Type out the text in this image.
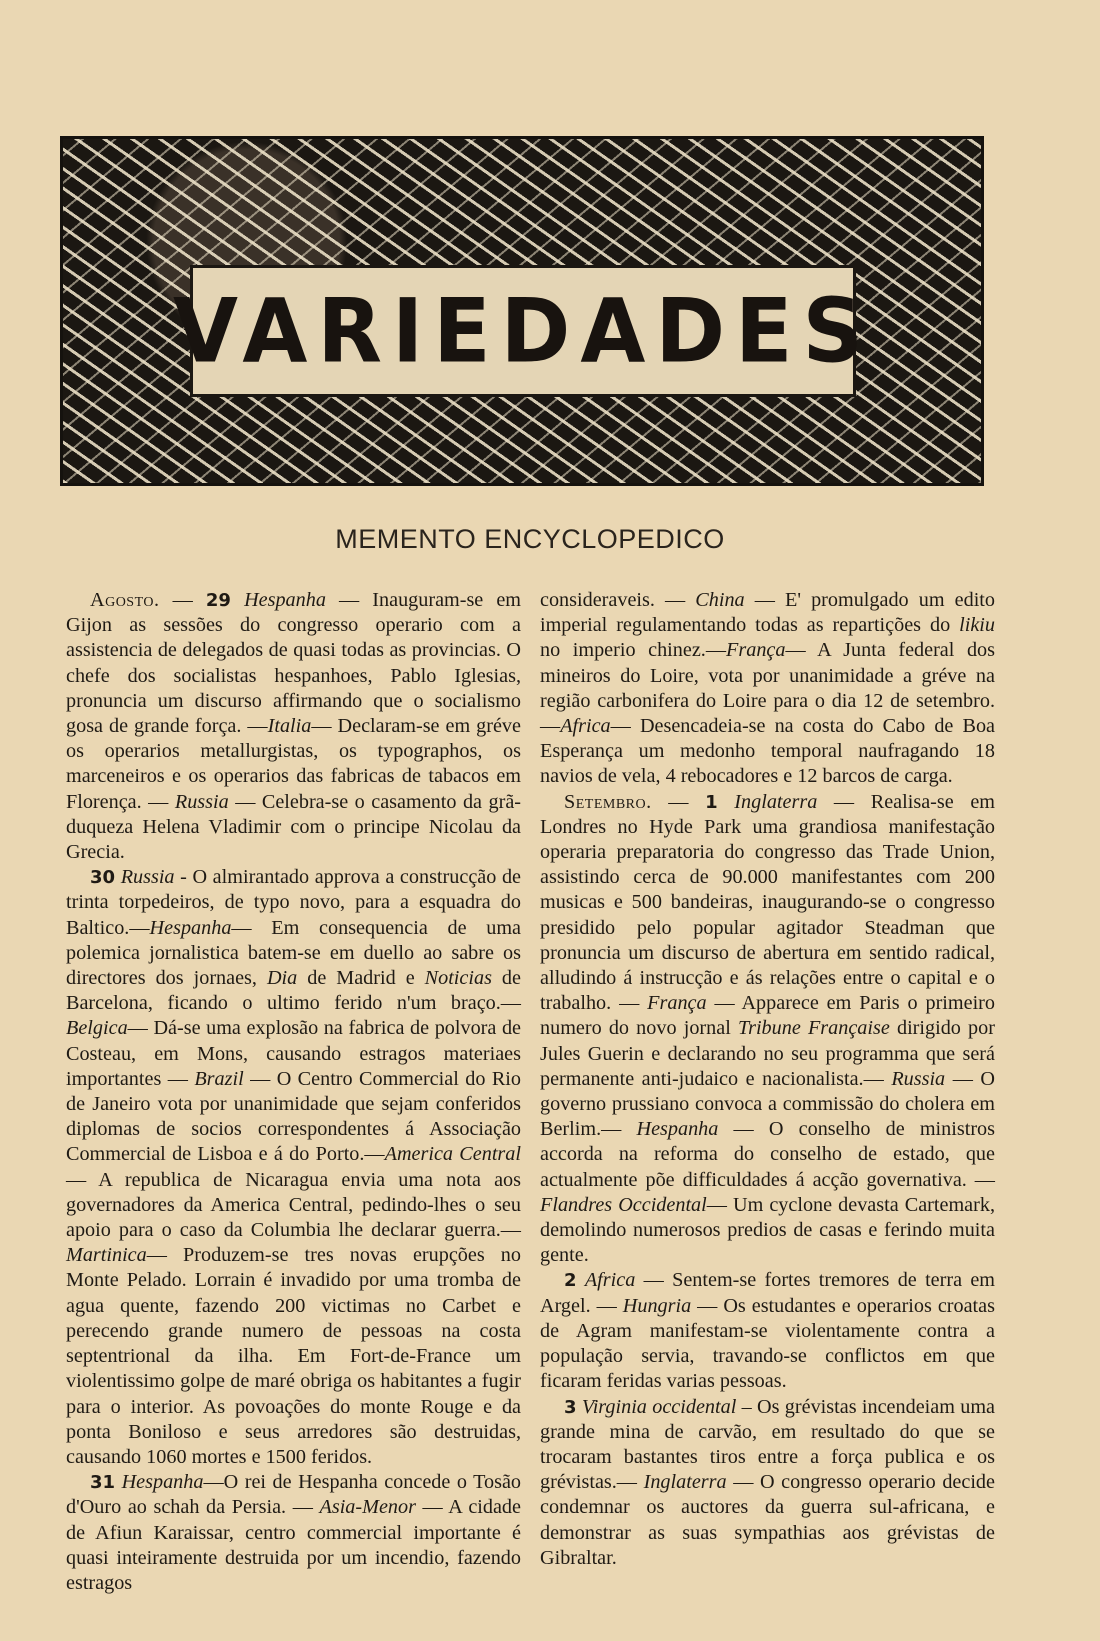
VARIEDADES
MEMENTO ENCYCLOPEDICO

Agosto. — 29 Hespanha — Inauguram-se em Gijon as sessões do congresso operario com a assistencia de delegados de quasi todas as provincias. O chefe dos socialistas hespanhoes, Pablo Iglesias, pronuncia um discurso affirmando que o socialismo gosa de grande força. —Italia— Declaram-se em gréve os operarios metallurgistas, os typographos, os marceneiros e os operarios das fabricas de tabacos em Florença. — Russia — Celebra-se o casamento da grã-duqueza Helena Vladimir com o principe Nicolau da Grecia.

30 Russia - O almirantado approva a construcção de trinta torpedeiros, de typo novo, para a esquadra do Baltico.—Hespanha— Em consequencia de uma polemica jornalistica batem-se em duello ao sabre os directores dos jornaes, Dia de Madrid e Noticias de Barcelona, ficando o ultimo ferido n'um braço.— Belgica— Dá-se uma explosão na fabrica de polvora de Costeau, em Mons, causando estragos materiaes importantes — Brazil — O Centro Commercial do Rio de Janeiro vota por unanimidade que sejam conferidos diplomas de socios correspondentes á Associação Commercial de Lisboa e á do Porto.—America Central— A republica de Nicaragua envia uma nota aos governadores da America Central, pedindo-lhes o seu apoio para o caso da Columbia lhe declarar guerra.—Martinica— Produzem-se tres novas erupções no Monte Pelado. Lorrain é invadido por uma tromba de agua quente, fazendo 200 victimas no Carbet e perecendo grande numero de pessoas na costa septentrional da ilha. Em Fort-de-France um violentissimo golpe de maré obriga os habitantes a fugir para o interior. As povoações do monte Rouge e da ponta Boniloso e seus arredores são destruidas, causando 1060 mortes e 1500 feridos.

31 Hespanha—O rei de Hespanha concede o Tosão d'Ouro ao schah da Persia. — Asia-Menor — A cidade de Afiun Karaissar, centro commercial importante é quasi inteiramente destruida por um incendio, fazendo estragos

consideraveis. — China — E' promulgado um edito imperial regulamentando todas as repartições do likiu no imperio chinez.—França— A Junta federal dos mineiros do Loire, vota por unanimidade a gréve na região carbonifera do Loire para o dia 12 de setembro.—Africa— Desencadeia-se na costa do Cabo de Boa Esperança um medonho temporal naufragando 18 navios de vela, 4 rebocadores e 12 barcos de carga.

Setembro. — 1 Inglaterra — Realisa-se em Londres no Hyde Park uma grandiosa manifestação operaria preparatoria do congresso das Trade Union, assistindo cerca de 90.000 manifestantes com 200 musicas e 500 bandeiras, inaugurando-se o congresso presidido pelo popular agitador Steadman que pronuncia um discurso de abertura em sentido radical, alludindo á instrucção e ás relações entre o capital e o trabalho. — França — Apparece em Paris o primeiro numero do novo jornal Tribune Française dirigido por Jules Guerin e declarando no seu programma que será permanente anti-judaico e nacionalista.— Russia — O governo prussiano convoca a commissão do cholera em Berlim.— Hespanha — O conselho de ministros accorda na reforma do conselho de estado, que actualmente põe difficuldades á acção governativa. — Flandres Occidental— Um cyclone devasta Cartemark, demolindo numerosos predios de casas e ferindo muita gente.

2 Africa — Sentem-se fortes tremores de terra em Argel. — Hungria — Os estudantes e operarios croatas de Agram manifestam-se violentamente contra a população servia, travando-se conflictos em que ficaram feridas varias pessoas.

3 Virginia occidental – Os grévistas incendeiam uma grande mina de carvão, em resultado do que se trocaram bastantes tiros entre a força publica e os grévistas.— Inglaterra — O congresso operario decide condemnar os auctores da guerra sul-africana, e demonstrar as suas sympathias aos grévistas de Gibraltar.
